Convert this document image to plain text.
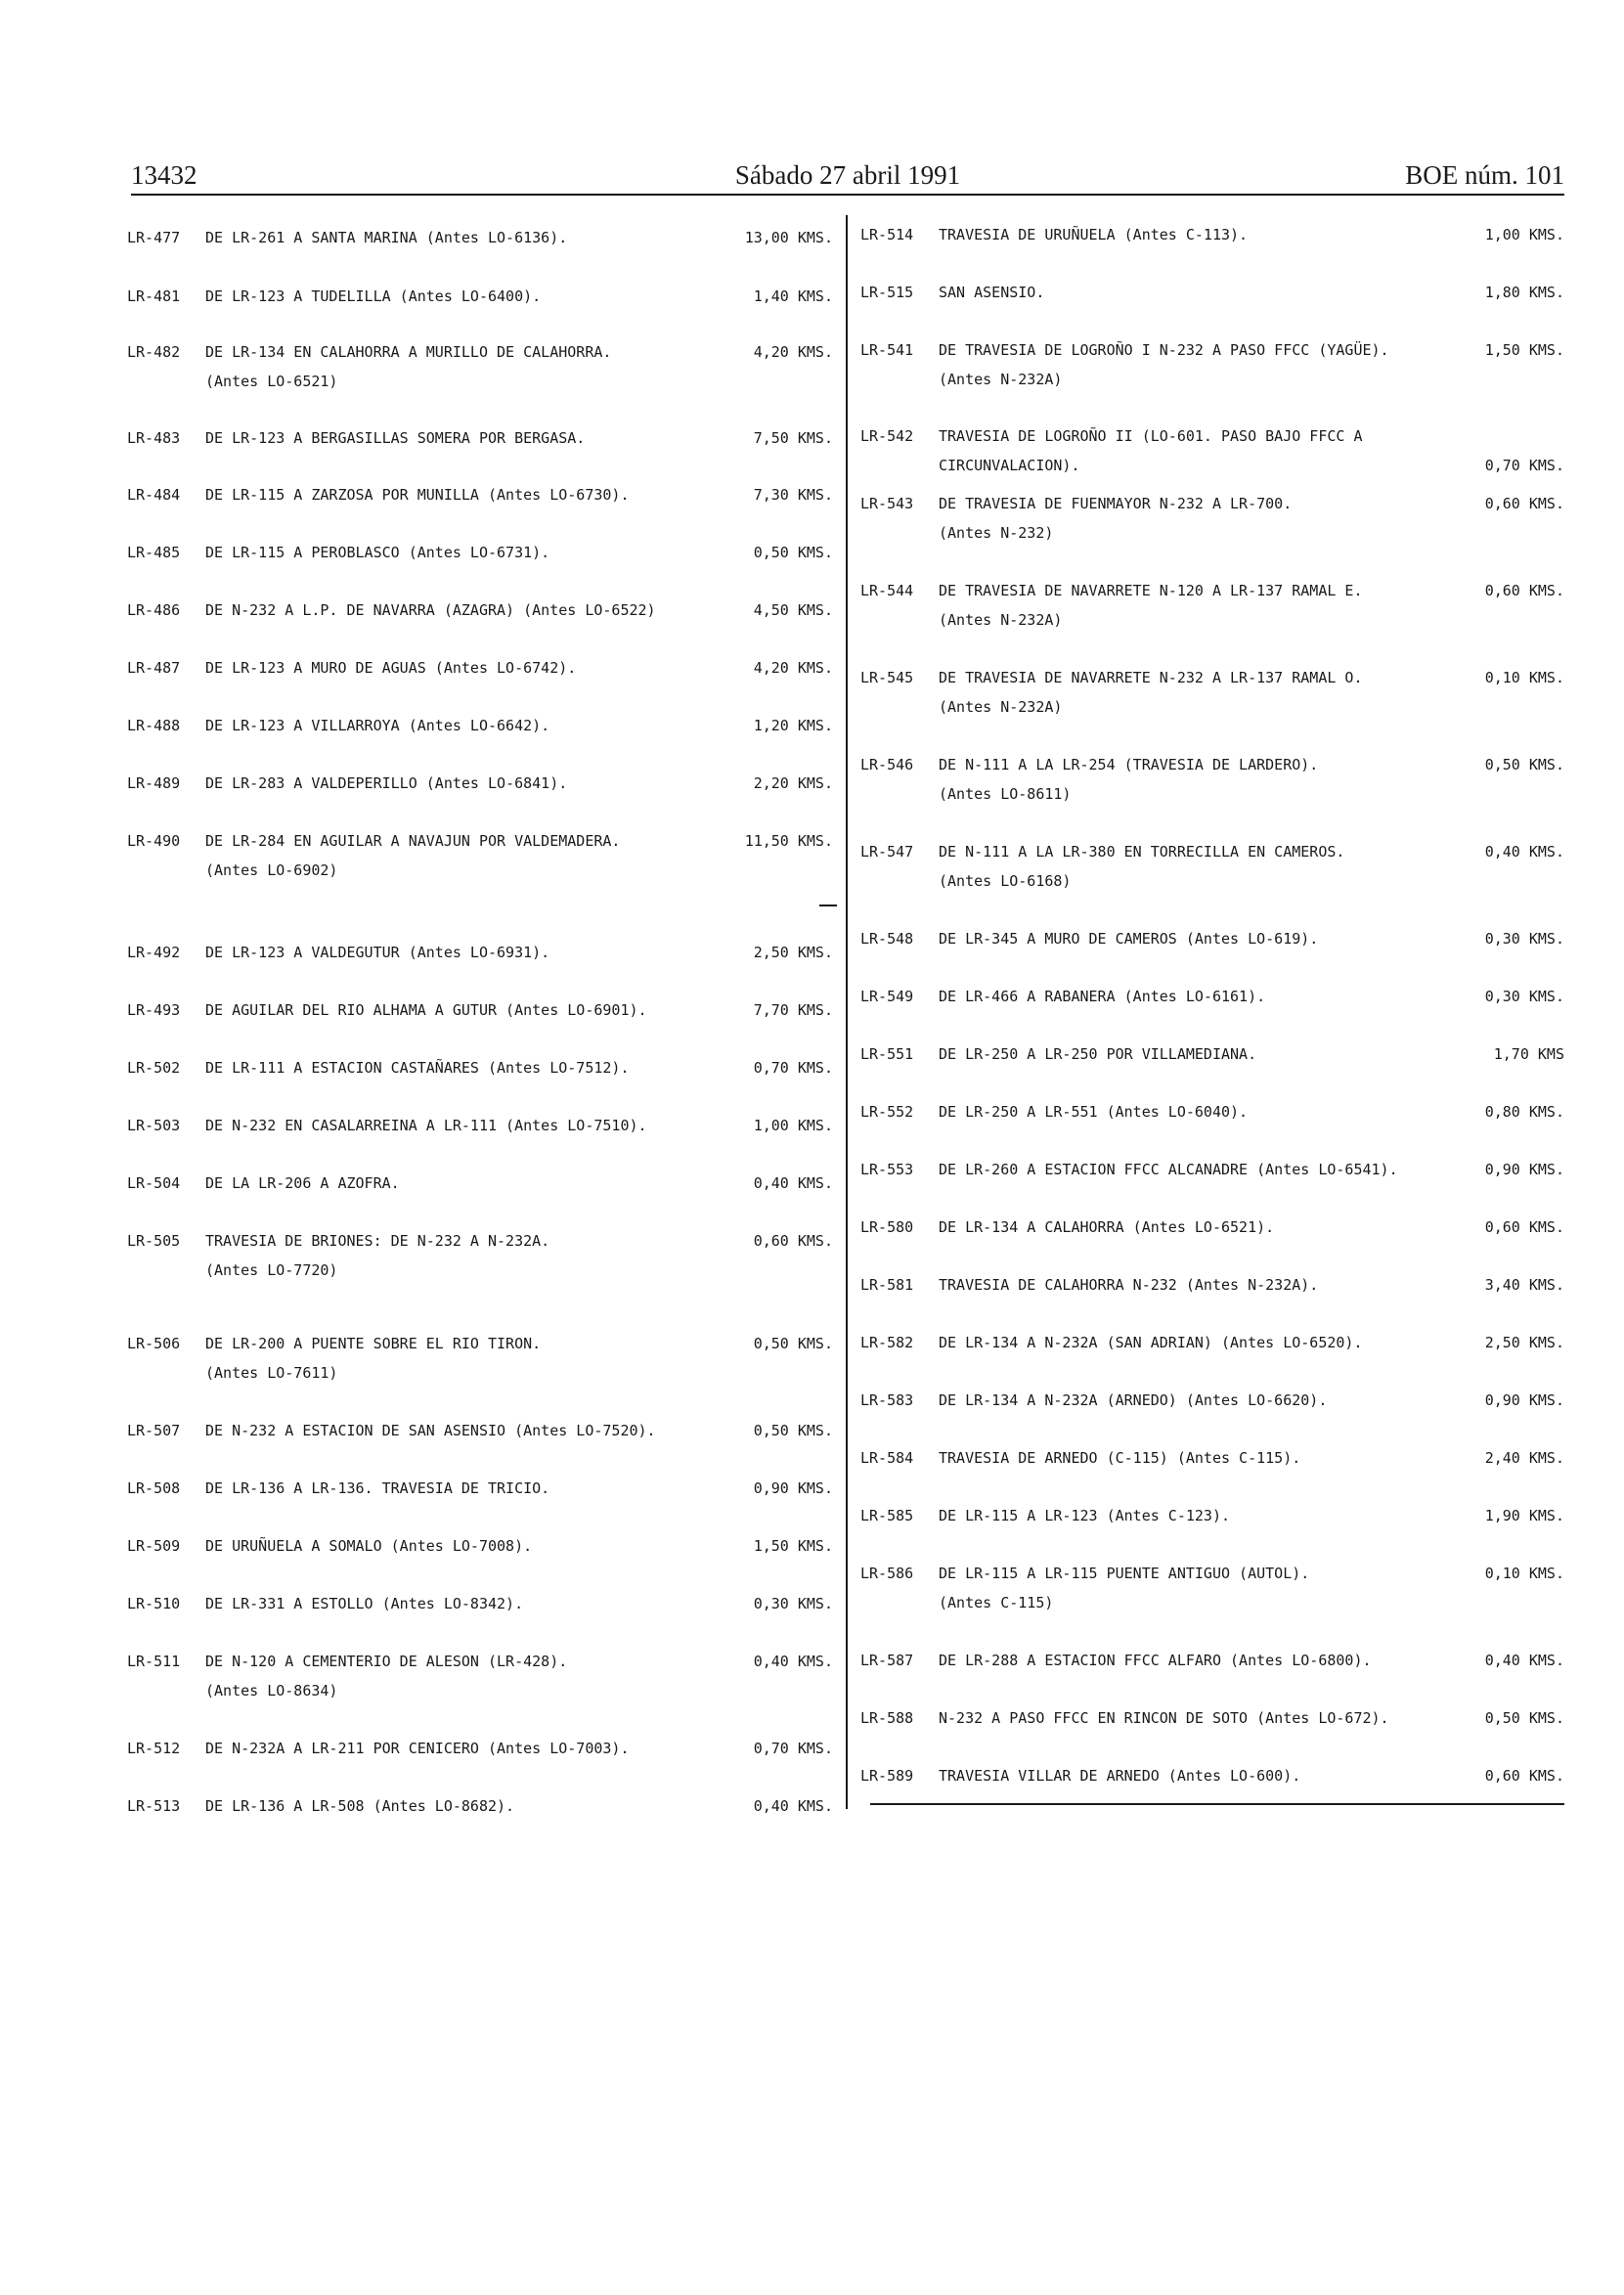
13432	Sábado 27 abril 1991	BOE núm. 101
LR-477 DE LR-261 A SANTA MARINA (Antes LO-6136).	13,00 KMS.
LR-481 DE LR-123 A TUDELILLA (Antes LO-6400).	1,40 KMS.
LR-482 DE LR-134 EN CALAHORRA A MURILLO DE CALAHORRA.
(Antes LO-6521)
4,20 KMS.
LR-483 DE LR-123 A BERGASILLAS SOMERA POR BERGASA.	7,50 KMS.
LR-484 DE LR-115 A ZARZOSA POR MUNILLA (Antes LO-6730).	7,30 KMS.
LR-485 DE LR-115 A PEROBLASCO (Antes LO-6731).	0,50 KMS.
LR-486 DE N-232 A L.P. DE NAVARRA (AZAGRA) (Antes LO-6522)	4,50 KMS.
LR-487 DE LR-123 A MURO DE AGUAS (Antes LO-6742).	4,20 KMS.
LR-488 DE LR-123 A VILLARROYA (Antes LO-6642).	1,20 KMS.
LR-489 DE LR-283 A VALDEPERILLO (Antes LO-6841).	2,20 KMS.
LR-490 DE LR-284 EN AGUILAR A NAVAJUN POR VALDEMADERA.
(Antes LO-6902)
11,50 KMS.
LR-492 DE LR-123 A VALDEGUTUR (Antes LO-6931).	2,50 KMS.
LR-493 DE AGUILAR DEL RIO ALHAMA A GUTUR (Antes LO-6901).	7,70 KMS.
LR-502 DE LR-111 A ESTACION CASTAÑARES (Antes LO-7512).	0,70 KMS.
LR-503 DE N-232 EN CASALARREINA A LR-111 (Antes LO-7510).	1,00 KMS.
LR-504 DE LA LR-206 A AZOFRA.	0,40 KMS.
LR-505 TRAVESIA DE BRIONES: DE N-232 A N-232A.
(Antes LO-7720)
0,60 KMS.
LR-506 DE LR-200 A PUENTE SOBRE EL RIO TIRON.
(Antes LO-7611)
0,50 KMS.
LR-507 DE N-232 A ESTACION DE SAN ASENSIO (Antes LO-7520).	0,50 KMS.
LR-508 DE LR-136 A LR-136. TRAVESIA DE TRICIO.	0,90 KMS.
LR-509 DE URUÑUELA A SOMALO (Antes LO-7008).	1,50 KMS.
LR-510 DE LR-331 A ESTOLLO (Antes LO-8342).	0,30 KMS.
LR-511 DE N-120 A CEMENTERIO DE ALESON (LR-428).
(Antes LO-8634)
0,40 KMS.
LR-512 DE N-232A A LR-211 POR CENICERO (Antes LO-7003).	0,70 KMS.
LR-513 DE LR-136 A LR-508 (Antes LO-8682).	0,40 KMS.
LR-514 TRAVESIA DE URUÑUELA (Antes C-113).	1,00 KMS.
LR-515 SAN ASENSIO.	1,80 KMS.
LR-541 DE TRAVESIA DE LOGROÑO I N-232 A PASO FFCC (YAGÜE).
(Antes N-232A)
1,50 KMS.
LR-542 TRAVESIA DE LOGROÑO II (LO-601. PASO BAJO FFCC A
CIRCUNVALACION).	0,70 KMS.
LR-543 DE TRAVESIA DE FUENMAYOR N-232 A LR-700.
(Antes N-232)
0,60 KMS.
LR-544 DE TRAVESIA DE NAVARRETE N-120 A LR-137 RAMAL E.
(Antes N-232A)
0,60 KMS.
LR-545 DE TRAVESIA DE NAVARRETE N-232 A LR-137 RAMAL O.
(Antes N-232A)
0,10 KMS.
LR-546 DE N-111 A LA LR-254 (TRAVESIA DE LARDERO).
(Antes LO-8611)
0,50 KMS.
LR-547 DE N-111 A LA LR-380 EN TORRECILLA EN CAMEROS.
(Antes LO-6168)
0,40 KMS.
LR-548 DE LR-345 A MURO DE CAMEROS (Antes LO-619).	0,30 KMS.
LR-549 DE LR-466 A RABANERA (Antes LO-6161).	0,30 KMS.
LR-551 DE LR-250 A LR-250 POR VILLAMEDIANA.	1,70 KMS
LR-552 DE LR-250 A LR-551 (Antes LO-6040).	0,80 KMS.
LR-553 DE LR-260 A ESTACION FFCC ALCANADRE (Antes LO-6541).	0,90 KMS.
LR-580 DE LR-134 A CALAHORRA (Antes LO-6521).	0,60 KMS.
LR-581 TRAVESIA DE CALAHORRA N-232 (Antes N-232A).	3,40 KMS.
LR-582 DE LR-134 A N-232A (SAN ADRIAN) (Antes LO-6520).	2,50 KMS.
LR-583 DE LR-134 A N-232A (ARNEDO) (Antes LO-6620).	0,90 KMS.
LR-584 TRAVESIA DE ARNEDO (C-115) (Antes C-115).	2,40 KMS.
LR-585 DE LR-115 A LR-123 (Antes C-123).	1,90 KMS.
LR-586 DE LR-115 A LR-115 PUENTE ANTIGUO (AUTOL).
(Antes C-115)
0,10 KMS.
LR-587 DE LR-288 A ESTACION FFCC ALFARO (Antes LO-6800).	0,40 KMS.
LR-588 N-232 A PASO FFCC EN RINCON DE SOTO (Antes LO-672).	0,50 KMS.
LR-589 TRAVESIA VILLAR DE ARNEDO (Antes LO-600).	0,60 KMS.
